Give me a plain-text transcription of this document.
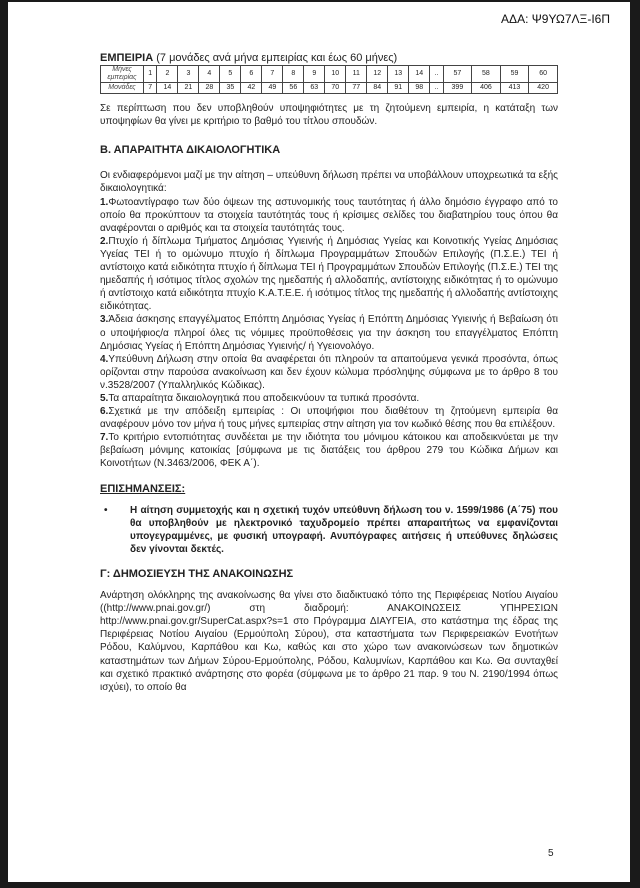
ΑΔΑ: Ψ9ΥΩ7ΛΞ-Ι6Π

ΕΜΠΕΙΡΙΑ (7 μονάδες ανά μήνα εμπειρίας και έως 60 μήνες)

Μήνες εμπειρίας	1	2	3	4	5	6	7	8	9	10	11	12	13	14	..	57	58	59	60
Μονάδες	7	14	21	28	35	42	49	56	63	70	77	84	91	98	..	399	406	413	420

Σε περίπτωση που δεν υποβληθούν υποψηφιότητες με τη ζητούμενη εμπειρία, η κατάταξη των υποψηφίων θα γίνει με κριτήριο το βαθμό του τίτλου σπουδών.

Β. ΑΠΑΡΑΙΤΗΤΑ ΔΙΚΑΙΟΛΟΓΗΤΙΚΑ

Οι ενδιαφερόμενοι μαζί με την αίτηση – υπεύθυνη δήλωση πρέπει να υποβάλλουν υποχρεωτικά τα εξής δικαιολογητικά:

1.Φωτοαντίγραφο των δύο όψεων της αστυνομικής τους ταυτότητας ή άλλο δημόσιο έγγραφο από το οποίο θα προκύπτουν τα στοιχεία ταυτότητάς τους ή κρίσιμες σελίδες του διαβατηρίου τους όπου θα αναφέρονται ο αριθμός και τα στοιχεία ταυτότητάς τους.

2.Πτυχίο ή δίπλωμα Τμήματος Δημόσιας Υγιεινής ή Δημόσιας Υγείας και Κοινοτικής Υγείας Δημόσιας Υγείας ΤΕΙ ή το ομώνυμο πτυχίο ή δίπλωμα Προγραμμάτων Σπουδών Επιλογής (Π.Σ.Ε.) ΤΕΙ ή αντίστοιχο κατά ειδικότητα πτυχίο ή δίπλωμα ΤΕΙ ή Προγραμμάτων Σπουδών Επιλογής (Π.Σ.Ε.) ΤΕΙ της ημεδαπής ή ισότιμος τίτλος σχολών της ημεδαπής ή αλλοδαπής, αντίστοιχης ειδικότητας ή το ομώνυμο ή αντίστοιχο κατά ειδικότητα πτυχίο Κ.Α.Τ.Ε.Ε. ή ισότιμος τίτλος της ημεδαπής ή αλλοδαπής αντίστοιχης ειδικότητας.

3.Άδεια άσκησης επαγγέλματος Επόπτη Δημόσιας Υγείας ή Επόπτη Δημόσιας Υγιεινής ή Βεβαίωση ότι ο υποψήφιος/α πληροί όλες τις νόμιμες προϋποθέσεις για την άσκηση του επαγγέλματος Επόπτη Δημόσιας Υγείας ή Επόπτη Δημόσιας Υγιεινής/ ή Υγειονολόγο.

4.Υπεύθυνη Δήλωση στην οποία θα αναφέρεται ότι πληρούν τα απαιτούμενα γενικά προσόντα, όπως ορίζονται στην παρούσα ανακοίνωση και δεν έχουν κώλυμα πρόσληψης σύμφωνα με το άρθρο 8 του ν.3528/2007 (Υπαλληλικός Κώδικας).

5.Τα απαραίτητα δικαιολογητικά που αποδεικνύουν τα τυπικά προσόντα.

6.Σχετικά με την απόδειξη εμπειρίας : Οι υποψήφιοι που διαθέτουν τη ζητούμενη εμπειρία θα αναφέρουν μόνο τον μήνα ή τους μήνες εμπειρίας στην αίτηση για τον κωδικό θέσης που θα επιλέξουν.

7.Το κριτήριο εντοπιότητας συνδέεται με την ιδιότητα του μόνιμου κάτοικου και αποδεικνύεται με την βεβαίωση μόνιμης κατοικίας [σύμφωνα με τις διατάξεις του άρθρου 279 του Κώδικα Δήμων και Κοινοτήτων (Ν.3463/2006, ΦΕΚ Α΄).

ΕΠΙΣΗΜΑΝΣΕΙΣ:

•	Η αίτηση συμμετοχής και η σχετική τυχόν υπεύθυνη δήλωση του ν. 1599/1986 (Α΄75) που θα υποβληθούν με ηλεκτρονικό ταχυδρομείο πρέπει απαραιτήτως να εμφανίζονται υπογεγραμμένες, με φυσική υπογραφή. Ανυπόγραφες αιτήσεις ή υπεύθυνες δηλώσεις δεν γίνονται δεκτές.

Γ: ΔΗΜΟΣΙΕΥΣΗ ΤΗΣ ΑΝΑΚΟΙΝΩΣΗΣ

Ανάρτηση ολόκληρης της ανακοίνωσης θα γίνει στο διαδικτυακό τόπο της Περιφέρειας Νοτίου Αιγαίου ((http://www.pnai.gov.gr/) στη διαδρομή: ΑΝΑΚΟΙΝΩΣΕΙΣ ΥΠΗΡΕΣΙΩΝ http://www.pnai.gov.gr/SuperCat.aspx?s=1 στο Πρόγραμμα ΔΙΑΥΓΕΙΑ, στο κατάστημα της έδρας της Περιφέρειας Νοτίου Αιγαίου (Ερμούπολη Σύρου), στα καταστήματα των Περιφερειακών Ενοτήτων Ρόδου, Καλύμνου, Καρπάθου και Κω, καθώς και στο χώρο των ανακοινώσεων των δημοτικών καταστημάτων των Δήμων Σύρου-Ερμούπολης, Ρόδου, Καλυμνίων, Καρπάθου και Κω. Θα συνταχθεί και σχετικό πρακτικό ανάρτησης στο φορέα (σύμφωνα με το άρθρο 21 παρ. 9 του Ν. 2190/1994 όπως ισχύει), το οποίο θα

5
